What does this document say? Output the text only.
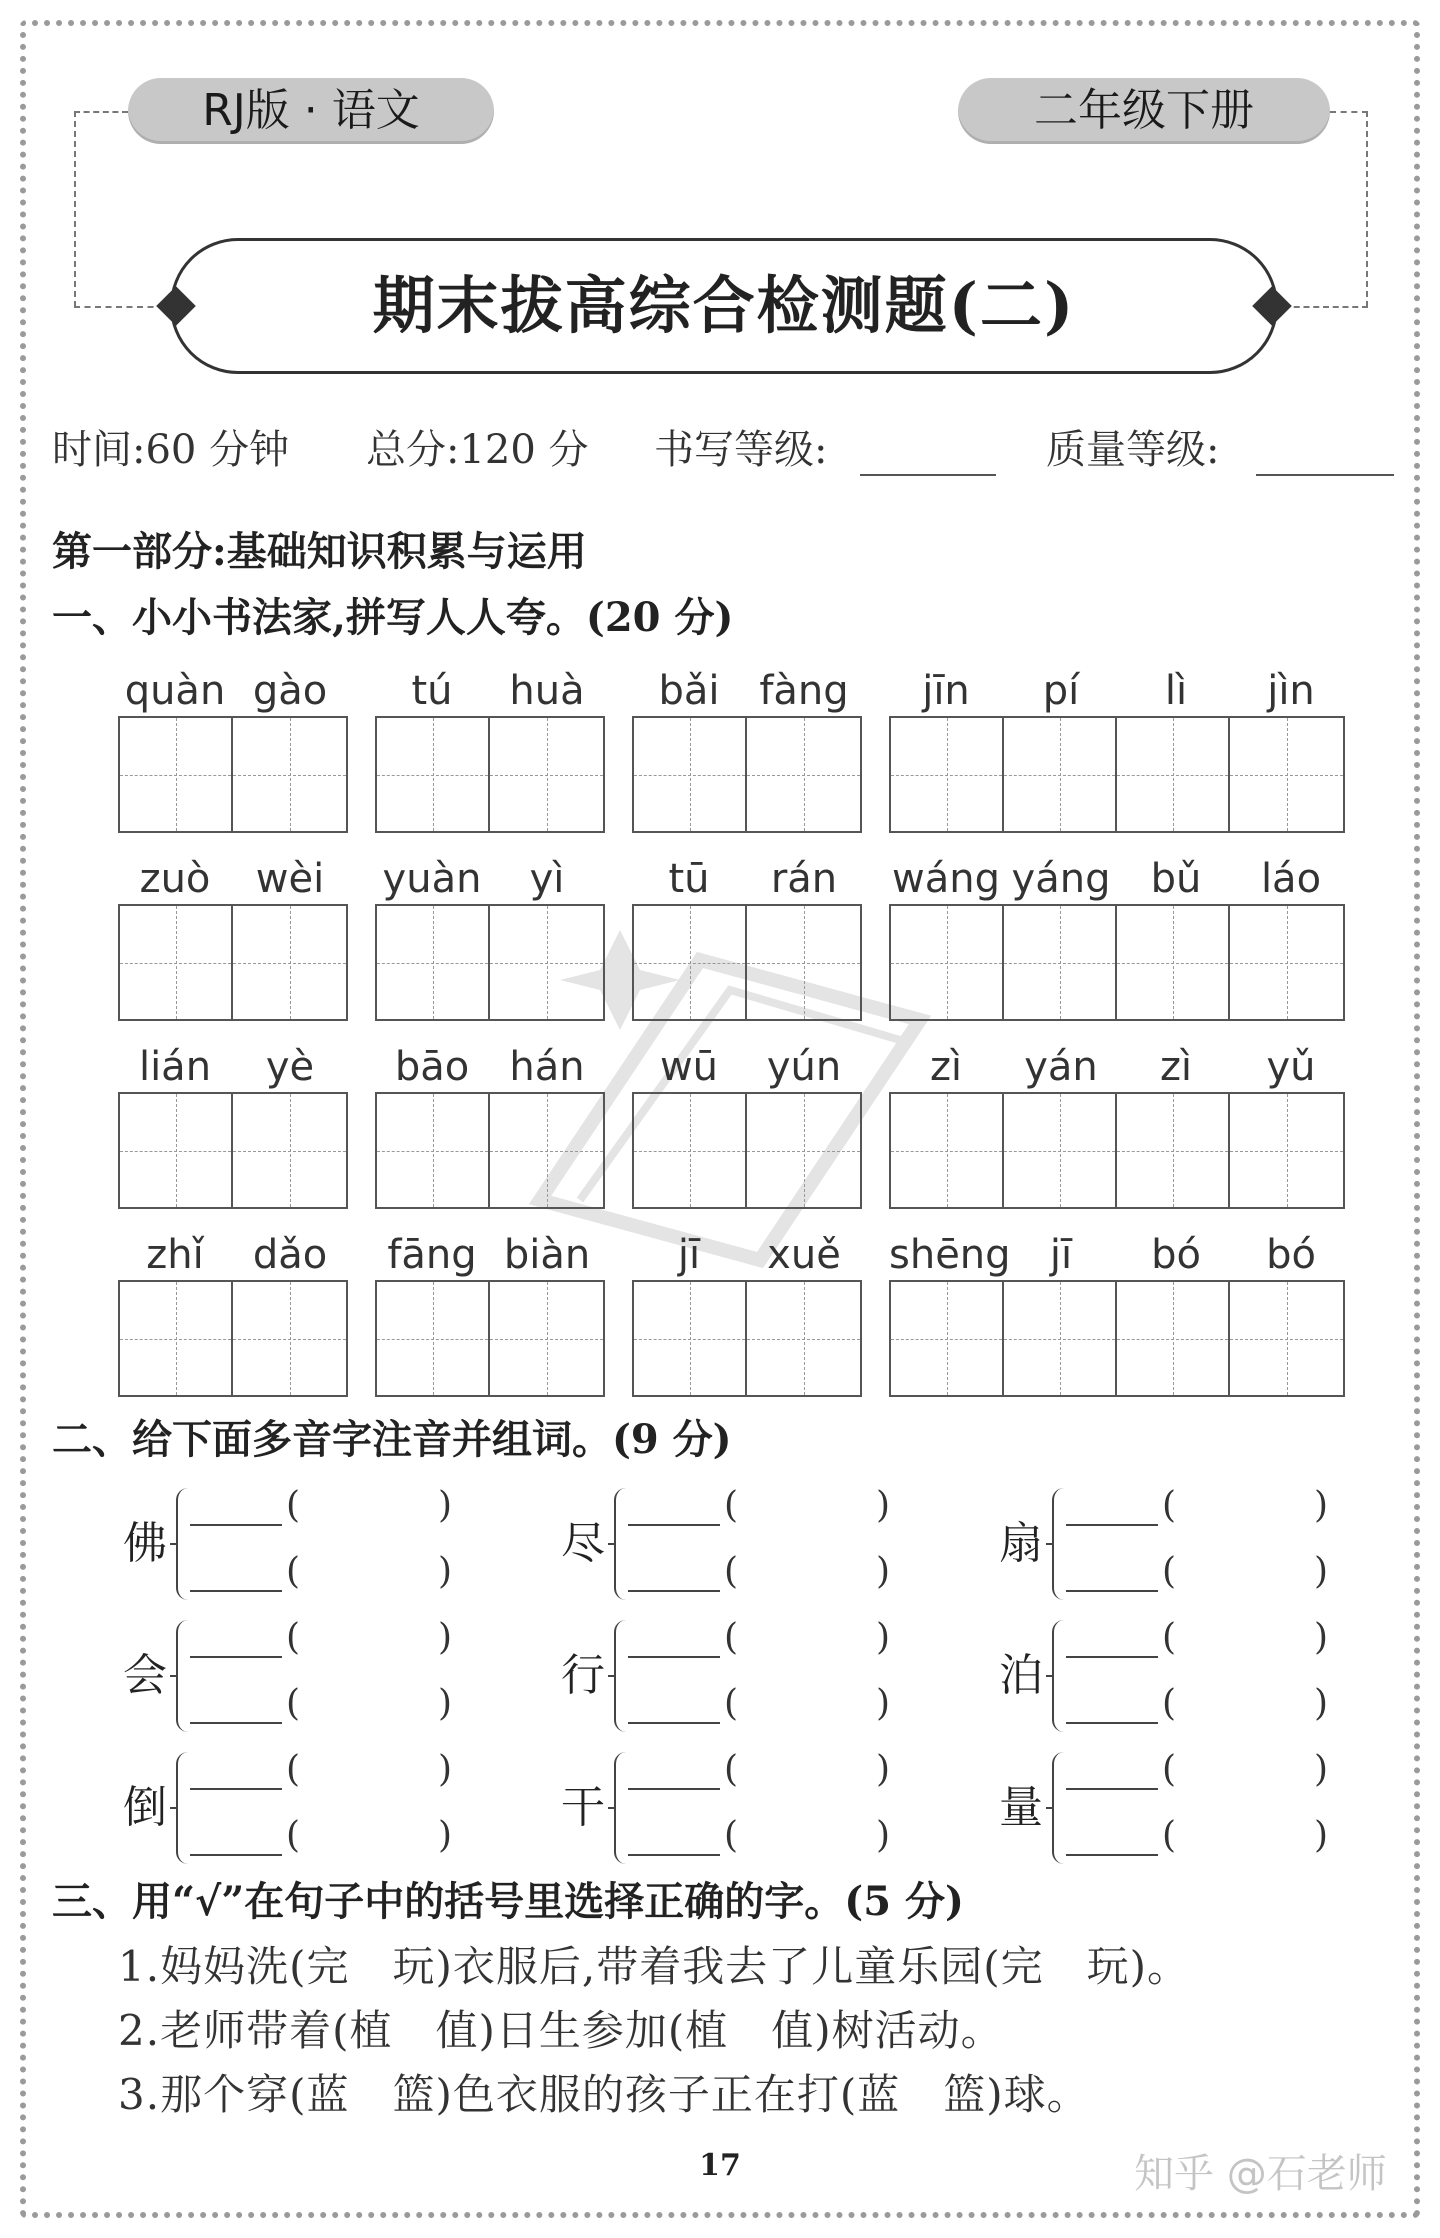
RJ版 · 语文	二年级下册
期末拔高综合检测题(二)
时间:60 分钟 总分:120 分 书写等级:	质量等级:
第一部分:基础知识积累与运用
一、小小书法家,拼写人人夸。(20 分)
quàn gào	tú	huà	bǎi fàng	jīn	pí	lì	jìn
zuò	wèi	yuàn	yì	tū	rán	wáng yáng	bǔ	láo
lián	yè	bāo	hán	wū	yún	zì	yán	zì	yǔ
zhǐ	dǎo	fāng biàn	jī	xuě	shēng jī	bó	bó
二、给下面多音字注音并组词。(9 分)
佛
(	)
(	)
尽
(	)
(	)
扇
(	)
(	)
会
(	)
(	)
行
(	)
(	)
泊
(	)
(	)
倒
(	)
(	)
干
(	)
(	)
量
(	)
(	)
三、用“√”在句子中的括号里选择正确的字。(5 分)
1.妈妈洗(完　玩)衣服后,带着我去了儿童乐园(完　玩)。
2.老师带着(植　值)日生参加(植　值)树活动。
3.那个穿(蓝　篮)色衣服的孩子正在打(蓝　篮)球。
17	知乎 @石老师
